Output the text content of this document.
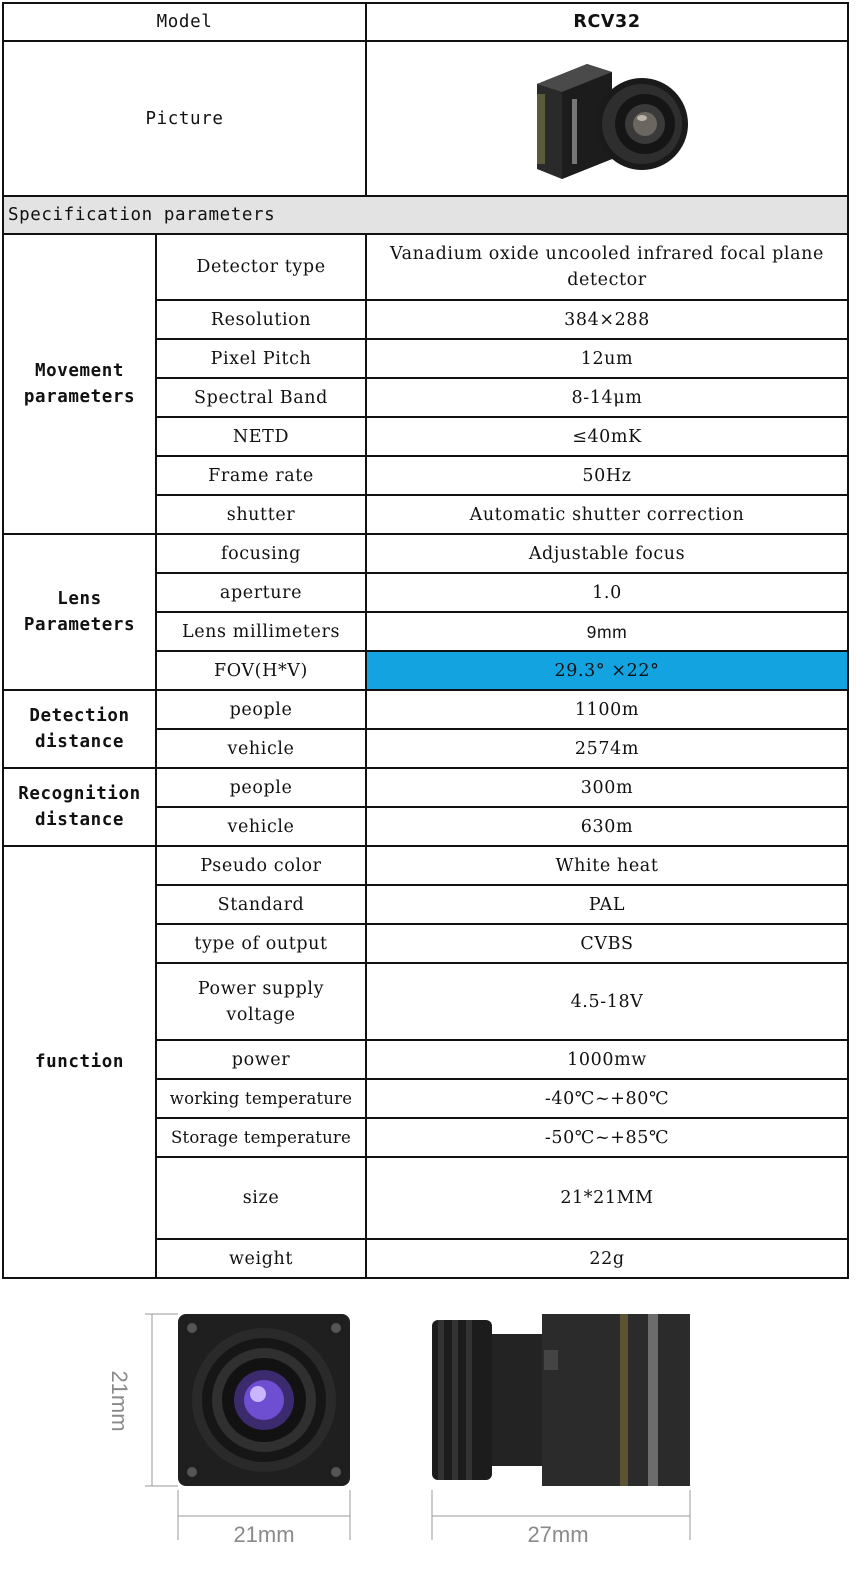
Model		RCV32
Picture	

Specification parameters		
Movement parameters	Detector type	Vanadium oxide uncooled infrared focal plane detector
	Resolution	384×288
	Pixel Pitch	12um
	Spectral Band	8-14μm
	NETD	≤40mK
	Frame rate	50Hz
	shutter	Automatic shutter correction
Lens Parameters	focusing	Adjustable focus
	aperture	1.0
	Lens millimeters	9mm
	FOV(H*V)	29.3° ×22°
Detection distance	people	1100m
	vehicle	2574m
Recognition distance	people	300m
	vehicle	630m
function	Pseudo color	White heat
	Standard	PAL
	type of output	CVBS
	Power supply voltage	4.5-18V
	power	1000mw
	working temperature	-40℃~+80℃
	Storage temperature	-50℃~+85℃
	size	21*21MM
	weight	22g
21mm
21mm	27mm
